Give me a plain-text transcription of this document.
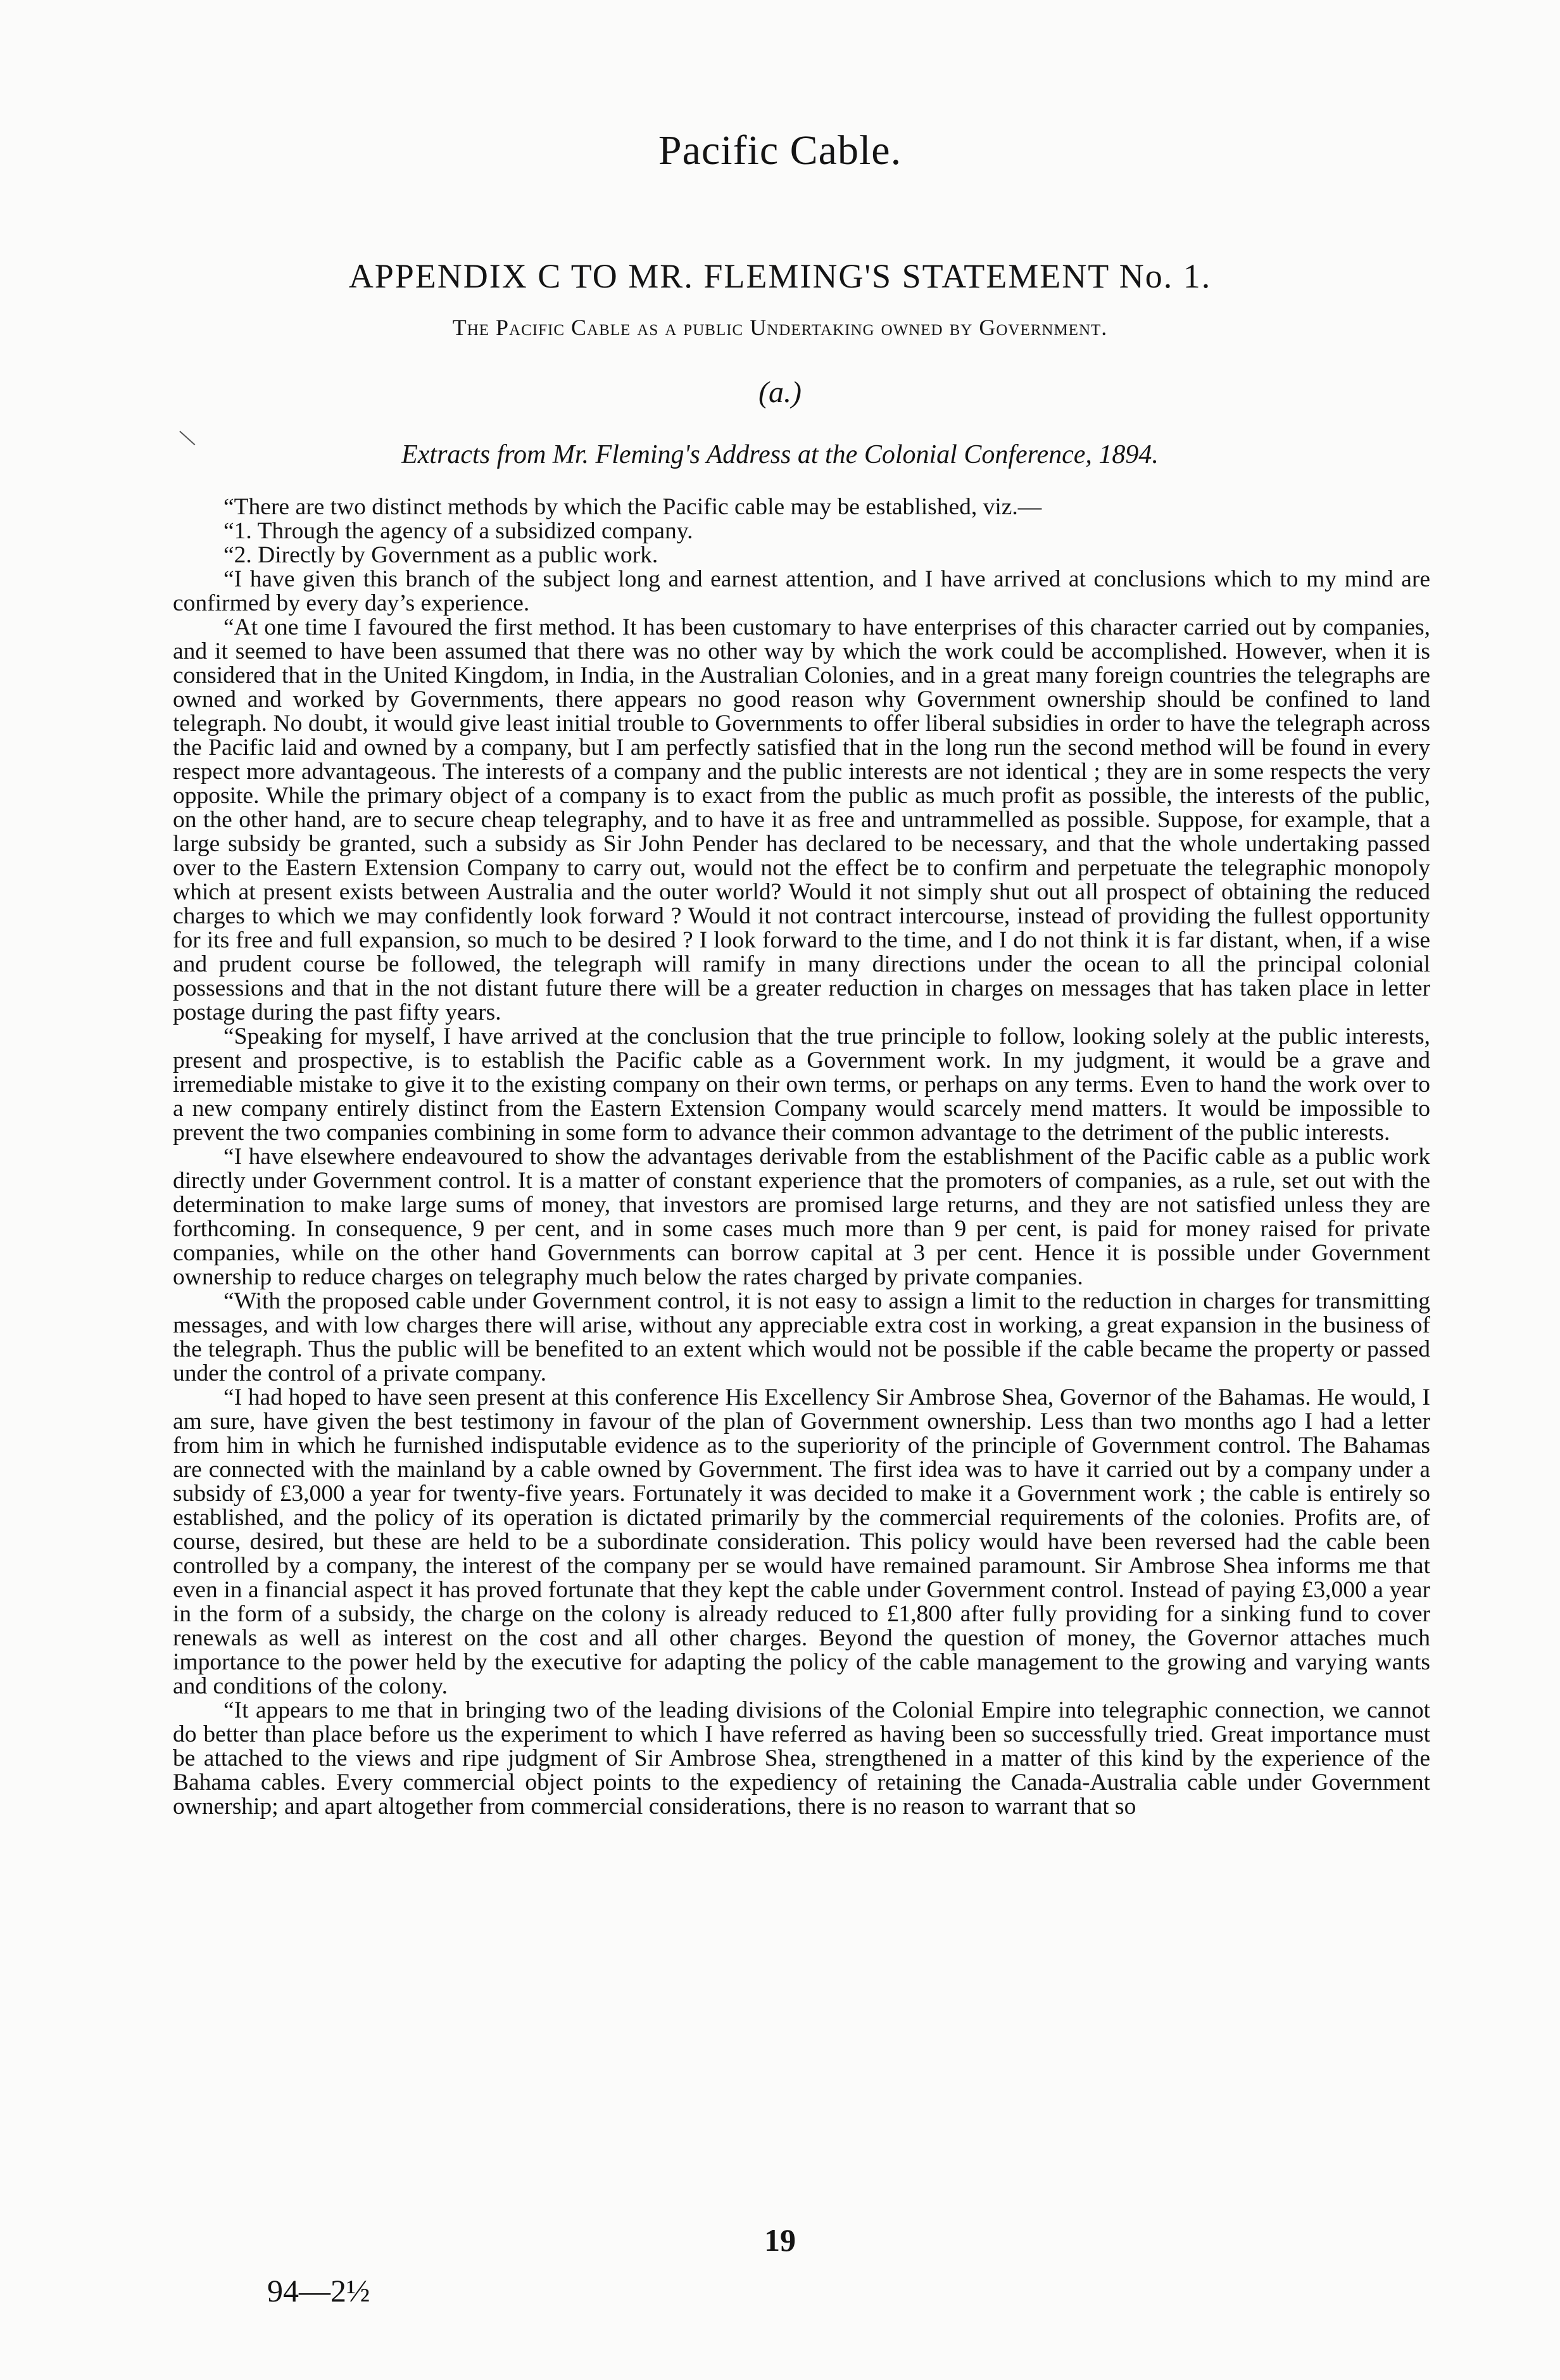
Pacific Cable.
APPENDIX C TO MR. FLEMING'S STATEMENT No. 1.
The Pacific Cable as a public Undertaking owned by Government.
(a.)
Extracts from Mr. Fleming's Address at the Colonial Conference, 1894.

“There are two distinct methods by which the Pacific cable may be established, viz.—

“1. Through the agency of a subsidized company.

“2. Directly by Government as a public work.

“I have given this branch of the subject long and earnest attention, and I have arrived at conclusions which to my mind are confirmed by every day’s experience.

“At one time I favoured the first method. It has been customary to have enterprises of this character carried out by companies, and it seemed to have been assumed that there was no other way by which the work could be accomplished. However, when it is considered that in the United Kingdom, in India, in the Australian Colonies, and in a great many foreign countries the telegraphs are owned and worked by Governments, there appears no good reason why Government ownership should be confined to land telegraph. No doubt, it would give least initial trouble to Governments to offer liberal subsidies in order to have the telegraph across the Pacific laid and owned by a company, but I am perfectly satisfied that in the long run the second method will be found in every respect more advantageous. The interests of a company and the public interests are not identical ; they are in some respects the very opposite. While the primary object of a company is to exact from the public as much profit as possible, the interests of the public, on the other hand, are to secure cheap telegraphy, and to have it as free and untrammelled as possible. Suppose, for example, that a large subsidy be granted, such a subsidy as Sir John Pender has declared to be necessary, and that the whole undertaking passed over to the Eastern Extension Company to carry out, would not the effect be to confirm and perpetuate the telegraphic monopoly which at present exists between Australia and the outer world? Would it not simply shut out all prospect of obtaining the reduced charges to which we may confidently look forward ? Would it not contract intercourse, instead of providing the fullest opportunity for its free and full expansion, so much to be desired ? I look forward to the time, and I do not think it is far distant, when, if a wise and prudent course be followed, the telegraph will ramify in many directions under the ocean to all the principal colonial possessions and that in the not distant future there will be a greater reduction in charges on messages that has taken place in letter postage during the past fifty years.

“Speaking for myself, I have arrived at the conclusion that the true principle to follow, looking solely at the public interests, present and prospective, is to establish the Pacific cable as a Government work. In my judgment, it would be a grave and irremediable mistake to give it to the existing company on their own terms, or perhaps on any terms. Even to hand the work over to a new company entirely distinct from the Eastern Extension Company would scarcely mend matters. It would be impossible to prevent the two companies combining in some form to advance their common advantage to the detriment of the public interests.

“I have elsewhere endeavoured to show the advantages derivable from the establishment of the Pacific cable as a public work directly under Government control. It is a matter of constant experience that the promoters of companies, as a rule, set out with the determination to make large sums of money, that investors are promised large returns, and they are not satisfied unless they are forthcoming. In consequence, 9 per cent, and in some cases much more than 9 per cent, is paid for money raised for private companies, while on the other hand Governments can borrow capital at 3 per cent. Hence it is possible under Government ownership to reduce charges on telegraphy much below the rates charged by private companies.

“With the proposed cable under Government control, it is not easy to assign a limit to the reduction in charges for transmitting messages, and with low charges there will arise, without any appreciable extra cost in working, a great expansion in the business of the telegraph. Thus the public will be benefited to an extent which would not be possible if the cable became the property or passed under the control of a private company.

“I had hoped to have seen present at this conference His Excellency Sir Ambrose Shea, Governor of the Bahamas. He would, I am sure, have given the best testimony in favour of the plan of Government ownership. Less than two months ago I had a letter from him in which he furnished indisputable evidence as to the superiority of the principle of Government control. The Bahamas are connected with the mainland by a cable owned by Government. The first idea was to have it carried out by a company under a subsidy of £3,000 a year for twenty-five years. Fortunately it was decided to make it a Government work ; the cable is entirely so established, and the policy of its operation is dictated primarily by the commercial requirements of the colonies. Profits are, of course, desired, but these are held to be a subordinate consideration. This policy would have been reversed had the cable been controlled by a company, the interest of the company per se would have remained paramount. Sir Ambrose Shea informs me that even in a financial aspect it has proved fortunate that they kept the cable under Government control. Instead of paying £3,000 a year in the form of a subsidy, the charge on the colony is already reduced to £1,800 after fully providing for a sinking fund to cover renewals as well as interest on the cost and all other charges. Beyond the question of money, the Governor attaches much importance to the power held by the executive for adapting the policy of the cable management to the growing and varying wants and conditions of the colony.

“It appears to me that in bringing two of the leading divisions of the Colonial Empire into telegraphic connection, we cannot do better than place before us the experiment to which I have referred as having been so successfully tried. Great importance must be attached to the views and ripe judgment of Sir Ambrose Shea, strengthened in a matter of this kind by the experience of the Bahama cables. Every commercial object points to the expediency of retaining the Canada-Australia cable under Government ownership; and apart altogether from commercial considerations, there is no reason to warrant that so

19
94—2½
